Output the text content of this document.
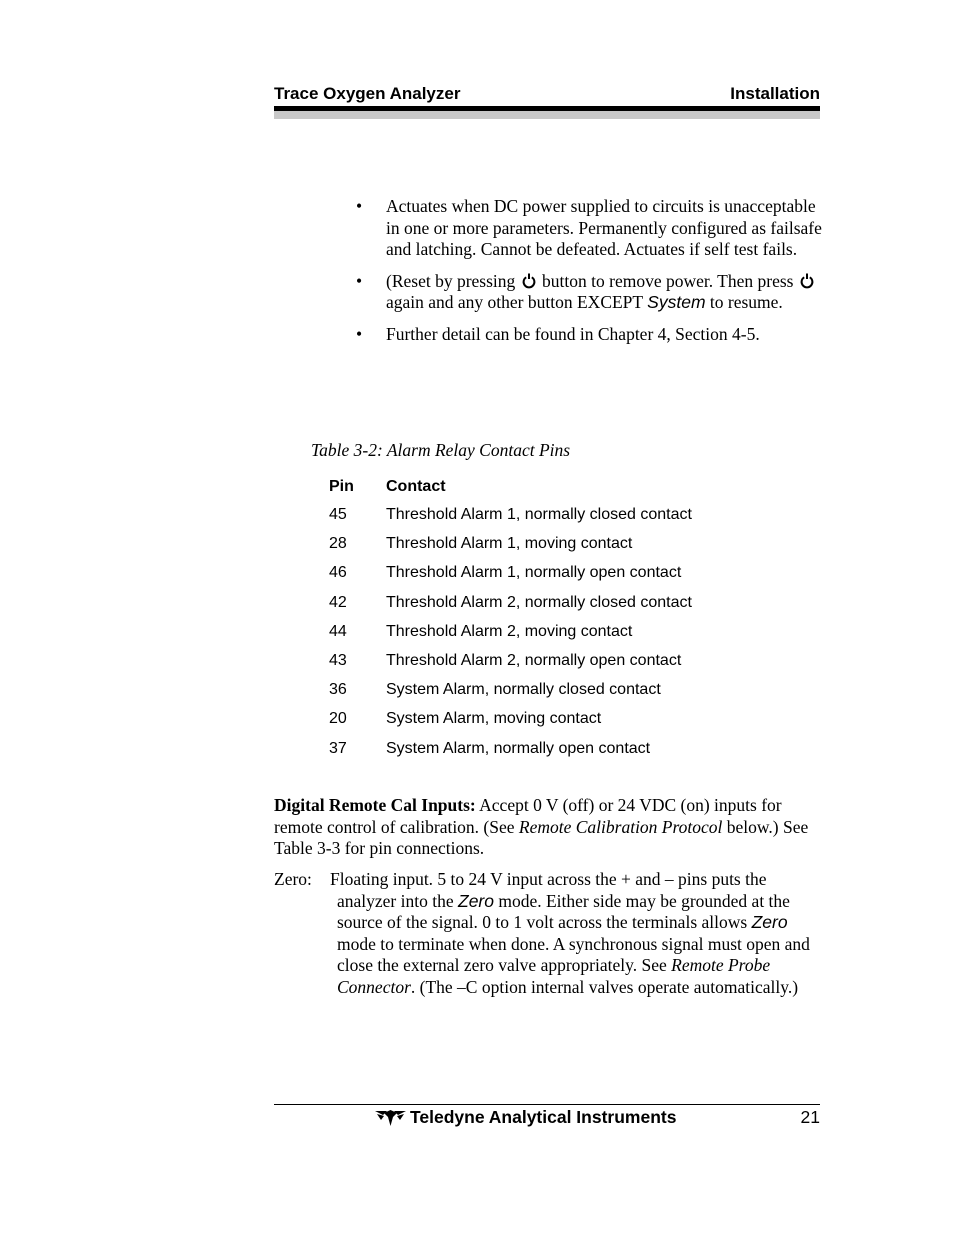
Trace Oxygen Analyzer	Installation
• Actuates when DC power supplied to circuits is unacceptable in one or more parameters. Permanently configured as failsafe and latching. Cannot be defeated. Actuates if self test fails.
• (Reset by pressing button to remove power. Then press again and any other button EXCEPT System to resume.
• Further detail can be found in Chapter 4, Section 4-5.
Table 3-2: Alarm Relay Contact Pins
Pin Contact
45 Threshold Alarm 1, normally closed contact
28 Threshold Alarm 1, moving contact
46 Threshold Alarm 1, normally open contact
42 Threshold Alarm 2, normally closed contact
44 Threshold Alarm 2, moving contact
43 Threshold Alarm 2, normally open contact
36 System Alarm, normally closed contact
20 System Alarm, moving contact
37 System Alarm, normally open contact
Digital Remote Cal Inputs: Accept 0 V (off) or 24 VDC (on) inputs for remote control of calibration. (See Remote Calibration Protocol below.) See Table 3-3 for pin connections.
Zero: Floating input. 5 to 24 V input across the + and – pins puts the analyzer into the Zero mode. Either side may be grounded at the source of the signal. 0 to 1 volt across the terminals allows Zero mode to terminate when done. A synchronous signal must open and close the external zero valve appropriately. See Remote Probe Connector. (The –C option internal valves operate automatically.)
Teledyne Analytical Instruments	21
